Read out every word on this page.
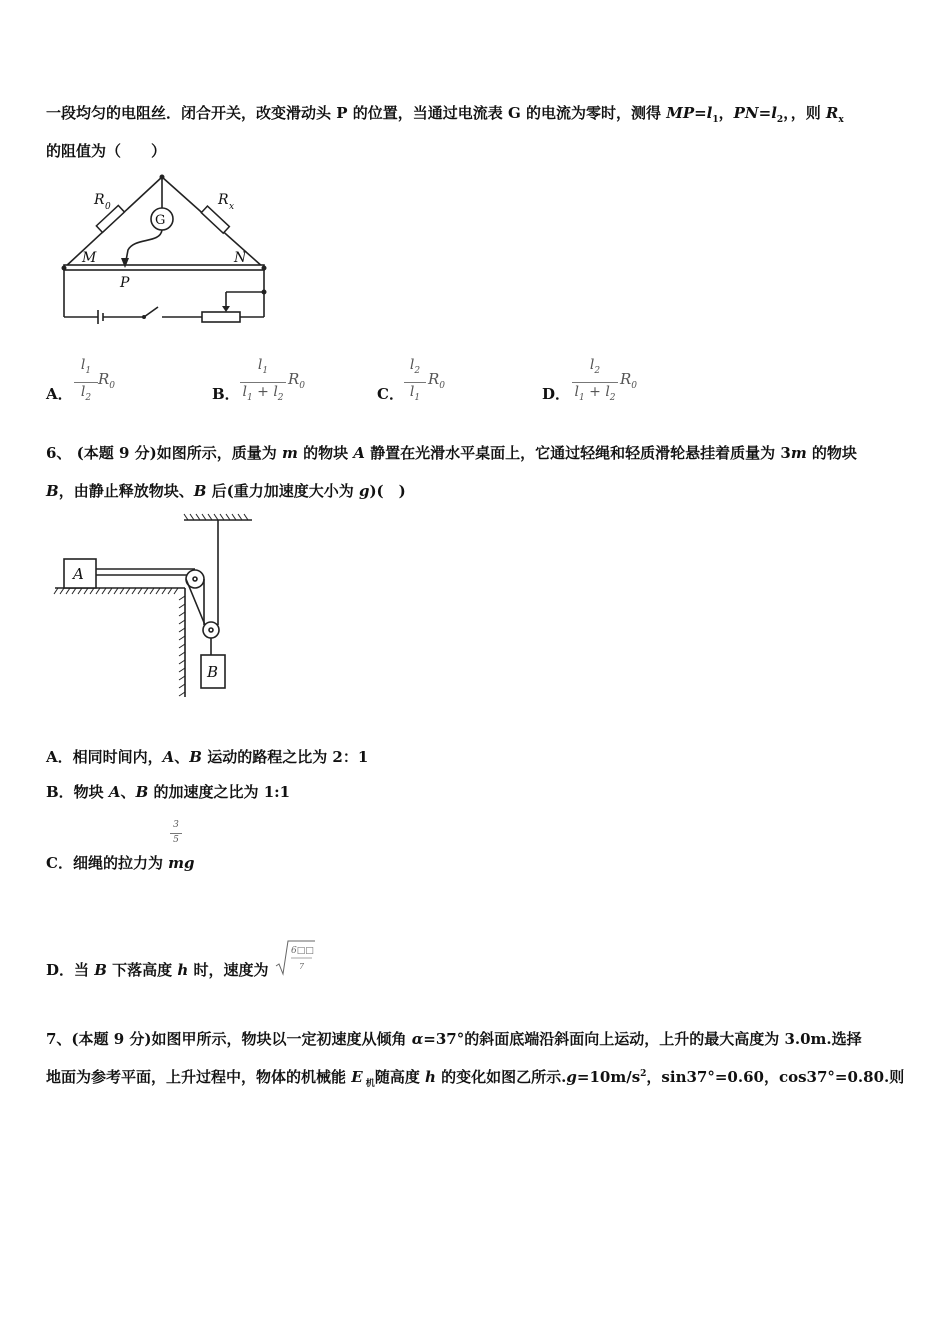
一段均匀的电阻丝．闭合开关，改变滑动头 P 的位置，当通过电流表 G 的电流为零时，测得 $MP=l_1$，$PN=l_2$，，则 $R_x$
的阻值为（　　）
R 0	R x
G
M	N
P
A．
$l_1$
$l_2$
$R_0$	B．
$l_1$
$l_1 + l_2$
$R_0$	C．
$l_2$
$l_1$
$R_0$	D．
$l_2$
$l_1 + l_2$
$R_0$
6、 (本题 9 分)如图所示，质量为 m 的物块 A 静置在光滑水平桌面上，它通过轻绳和轻质滑轮悬挂着质量为 3m 的物块
B，由静止释放物块、B 后(重力加速度大小为 g)(　)
A
B
A．相同时间内，A、B 运动的路程之比为 2：1
B．物块 A、B 的加速度之比为 1:1
3
5
C．细绳的拉力为 mg
D．当 B 下落高度 h 时，速度为
6□□
7
7、(本题 9 分)如图甲所示，物块以一定初速度从倾角 α=37°的斜面底端沿斜面向上运动，上升的最大高度为 3.0m.选择
地面为参考平面，上升过程中，物体的机械能 E $_机$随高度 h 的变化如图乙所示$.g=10m/s^2$，sin37°=0.60，cos37°=0.80.则
